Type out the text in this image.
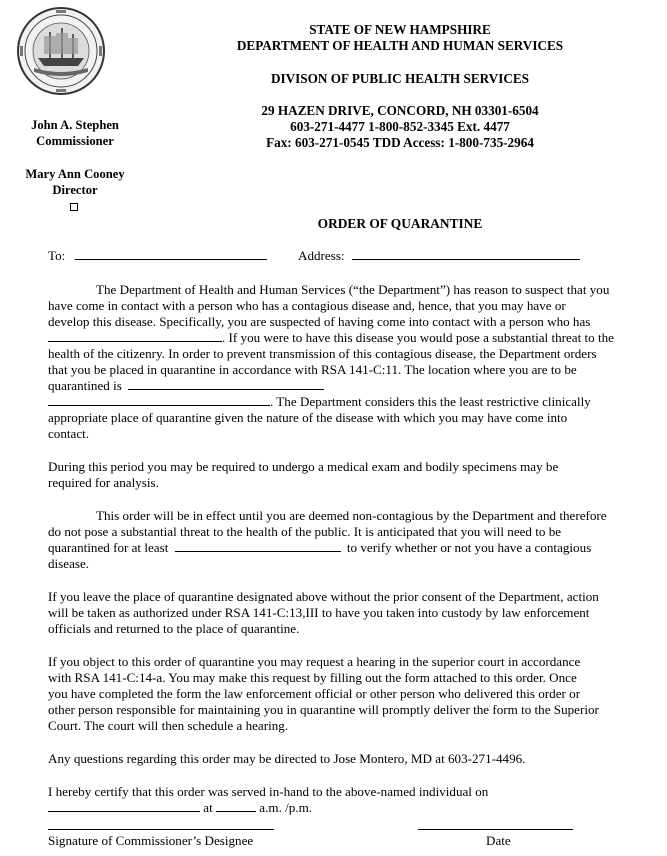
STATE OF NEW HAMPSHIRE
DEPARTMENT OF HEALTH AND HUMAN SERVICES
DIVISON OF PUBLIC HEALTH SERVICES
29 HAZEN DRIVE, CONCORD, NH 03301-6504
603-271-4477 1-800-852-3345 Ext. 4477
Fax: 603-271-0545 TDD Access: 1-800-735-2964
John A. Stephen
Commissioner
Mary Ann Cooney
Director
ORDER OF QUARANTINE
To:	Address:
The Department of Health and Human Services (“the Department”) has reason to suspect that you
have come in contact with a person who has a contagious disease and, hence, that you may have or
develop this disease. Specifically, you are suspected of having come into contact with a person who has
. If you were to have this disease you would pose a substantial threat to the
health of the citizenry. In order to prevent transmission of this contagious disease, the Department orders
that you be placed in quarantine in accordance with RSA 141-C:11. The location where you are to be
quarantined is
. The Department considers this the least restrictive clinically
appropriate place of quarantine given the nature of the disease with which you may have come into
contact.
During this period you may be required to undergo a medical exam and bodily specimens may be
required for analysis.
This order will be in effect until you are deemed non-contagious by the Department and therefore
do not pose a substantial threat to the health of the public. It is anticipated that you will need to be
quarantined for at least	to verify whether or not you have a contagious
disease.
If you leave the place of quarantine designated above without the prior consent of the Department, action
will be taken as authorized under RSA 141-C:13,III to have you taken into custody by law enforcement
officials and returned to the place of quarantine.
If you object to this order of quarantine you may request a hearing in the superior court in accordance
with RSA 141-C:14-a. You may make this request by filling out the form attached to this order. Once
you have completed the form the law enforcement official or other person who delivered this order or
other person responsible for maintaining you in quarantine will promptly deliver the form to the Superior
Court. The court will then schedule a hearing.
Any questions regarding this order may be directed to Jose Montero, MD at 603-271-4496.
I hereby certify that this order was served in-hand to the above-named individual on
at	a.m. /p.m.
Signature of Commissioner’s Designee	Date
